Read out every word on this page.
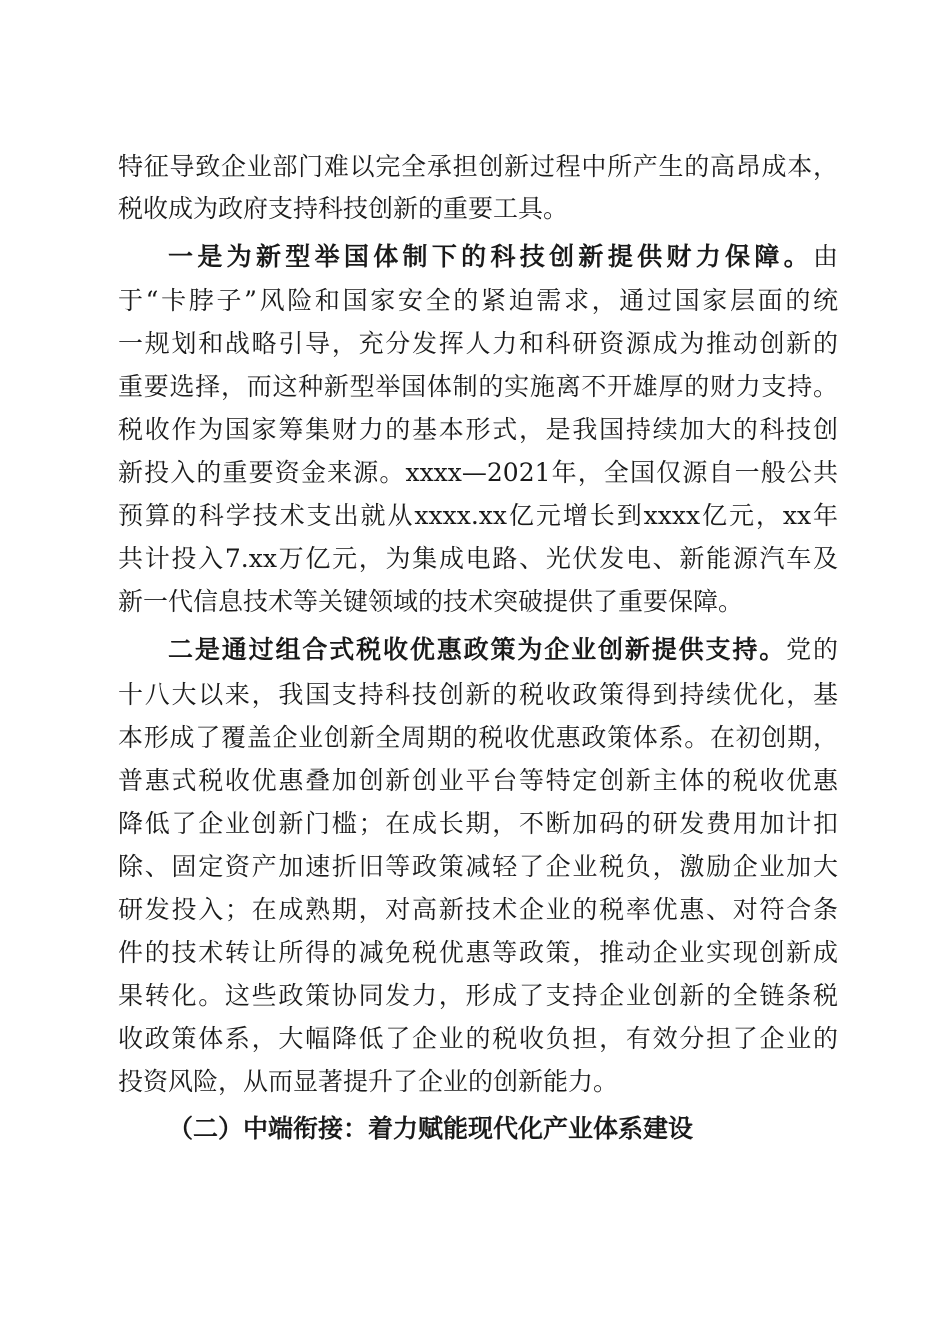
特征导致企业部门难以完全承担创新过程中所产生的高昂成本，
税收成为政府支持科技创新的重要工具。
一是为新型举国体制下的科技创新提供财力保障。由
于“卡脖子”风险和国家安全的紧迫需求，通过国家层面的统
一规划和战略引导，充分发挥人力和科研资源成为推动创新的
重要选择，而这种新型举国体制的实施离不开雄厚的财力支持。
税收作为国家筹集财力的基本形式，是我国持续加大的科技创
新投入的重要资金来源。xxxx—2021年，全国仅源自一般公共
预算的科学技术支出就从xxxx.xx亿元增长到xxxx亿元，xx年
共计投入7.xx万亿元，为集成电路、光伏发电、新能源汽车及
新一代信息技术等关键领域的技术突破提供了重要保障。
二是通过组合式税收优惠政策为企业创新提供支持。党的
十八大以来，我国支持科技创新的税收政策得到持续优化，基
本形成了覆盖企业创新全周期的税收优惠政策体系。在初创期，
普惠式税收优惠叠加创新创业平台等特定创新主体的税收优惠
降低了企业创新门槛；在成长期，不断加码的研发费用加计扣
除、固定资产加速折旧等政策减轻了企业税负，激励企业加大
研发投入；在成熟期，对高新技术企业的税率优惠、对符合条
件的技术转让所得的减免税优惠等政策，推动企业实现创新成
果转化。这些政策协同发力，形成了支持企业创新的全链条税
收政策体系，大幅降低了企业的税收负担，有效分担了企业的
投资风险，从而显著提升了企业的创新能力。
（二）中端衔接：着力赋能现代化产业体系建设
